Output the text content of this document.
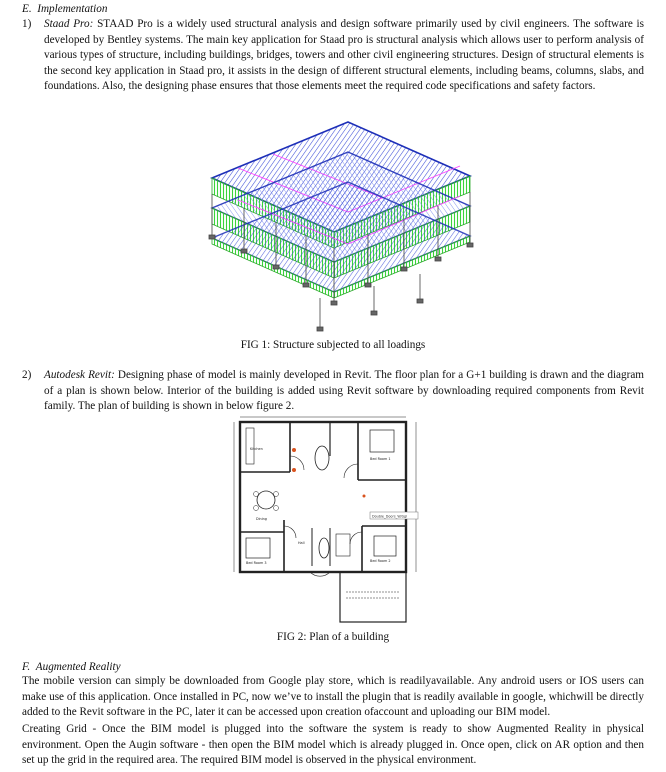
E.  Implementation
1) Staad Pro: STAAD Pro is a widely used structural analysis and design software primarily used by civil engineers. The software is developed by Bentley systems. The main key application for Staad pro is structural analysis which allows user to perform analysis of various types of structure, including buildings, bridges, towers and other civil engineering structures. Design of structural elements is the second key application in Staad pro, it assists in the design of different structural elements, including beams, columns, slabs, and foundations. Also, the designing phase ensures that those elements meet the required code specifications and safety factors.

FIG 1: Structure subjected to all loadings
2) Autodesk Revit: Designing phase of model is mainly developed in Revit. The floor plan for a G+1 building is drawn and the diagram of a plan is shown below. Interior of the building is added using Revit software by downloading required components from Revit family. The plan of building is shown in below figure 2.

Kitchen
Bed Room 1
Dining
Bed Room 3	Bed Room 2
Hall
Double_Doors_W/Sgl
FIG 2: Plan of a building
F.  Augmented Reality

The mobile version can simply be downloaded from Google play store, which is readilyavailable. Any android users or IOS users can make use of this application. Once installed in PC, now we’ve to install the plugin that is readily available in google, whichwill be directly added to the Revit software in the PC, later it can be accessed upon creation ofaccount and uploading our BIM model.

Creating Grid - Once the BIM model is plugged into the software the system is ready to show Augmented Reality in physical environment. Open the Augin software - then open the BIM model which is already plugged in. Once open, click on AR option and then set up the grid in the required area. The required BIM model is observed in the physical environment.
